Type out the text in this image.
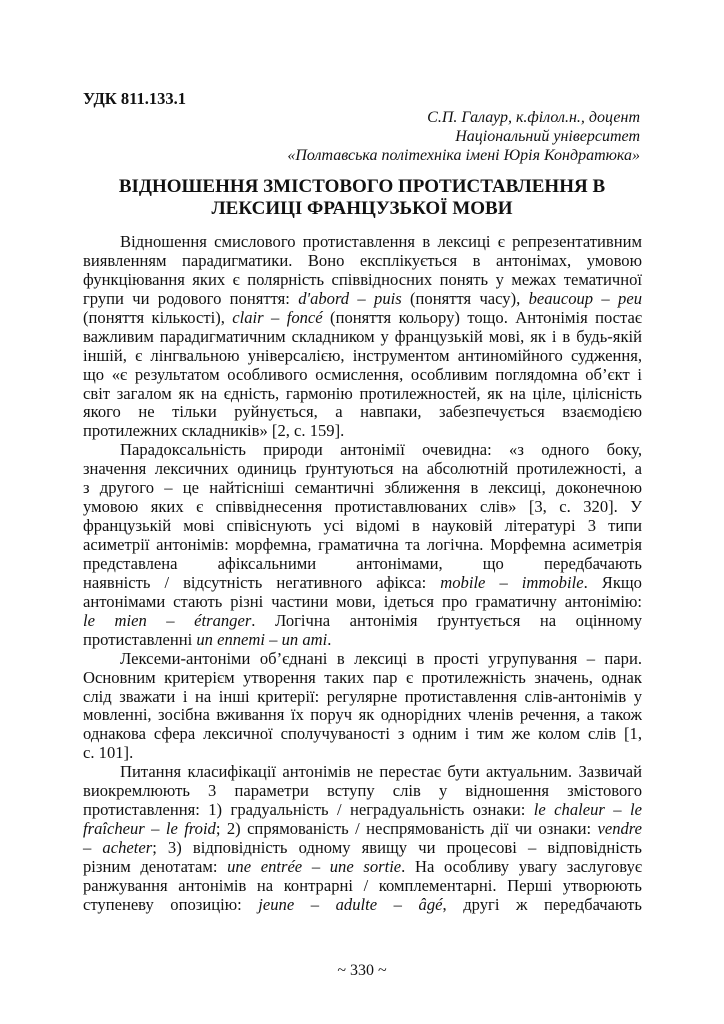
УДК 811.133.1
С.П. Галаур, к.філол.н., доцент
Національний університет
«Полтавська політехніка імені Юрія Кондратюка»
ВІДНОШЕННЯ ЗМІСТОВОГО ПРОТИСТАВЛЕННЯ В
ЛЕКСИЦІ ФРАНЦУЗЬКОЇ МОВИ
Відношення смислового протиставлення в лексиці є репрезентативним
виявленням парадигматики. Воно експлікується в антонімах, умовою
функціювання яких є полярність співвідносних понять у межах тематичної
групи чи родового поняття: d'abord – puis (поняття часу), beaucoup – peu
(поняття кількості), clair – foncé (поняття кольору) тощо. Антонімія постає
важливим парадигматичним складником у французькій мові, як і в будь-якій
іншій, є лінгвальною універсалією, інструментом антиномійного судження,
що «є результатом особливого осмислення, особливим поглядомна об’єкт і
світ загалом як на єдність, гармонію протилежностей, як на ціле, цілісність
якого не тільки руйнується, а навпаки, забезпечується взаємодією
протилежних складників» [2, с. 159].
Парадоксальність природи антонімії очевидна: «з одного боку,
значення лексичних одиниць ґрунтуються на абсолютній протилежності, а
з другого – це найтісніші семантичні зближення в лексиці, доконечною
умовою яких є співвіднесення протиставлюваних слів» [3, с. 320]. У
французькій мові співіснують усі відомі в науковій літературі 3 типи
асиметрії антонімів: морфемна, граматична та логічна. Морфемна асиметрія
представлена афіксальними антонімами, що передбачають
наявність / відсутність негативного афікса: mobile – immobile. Якщо
антонімами стають різні частини мови, ідеться про граматичну антонімію:
le mien – étranger. Логічна антонімія ґрунтується на оцінному
протиставленні un ennemi – un ami.
Лексеми-антоніми об’єднані в лексиці в прості угрупування – пари.
Основним критерієм утворення таких пар є протилежність значень, однак
слід зважати і на інші критерії: регулярне протиставлення слів-антонімів у
мовленні, зосібна вживання їх поруч як однорідних членів речення, а також
однакова сфера лексичної сполучуваності з одним і тим же колом слів [1,
с. 101].
Питання класифікації антонімів не перестає бути актуальним. Зазвичай
виокремлюють 3 параметри вступу слів у відношення змістового
протиставлення: 1) градуальність / неградуальність ознаки: le chaleur – le
fraîcheur – le froid; 2) спрямованість / неспрямованість дії чи ознаки: vendre
– acheter; 3) відповідність одному явищу чи процесові – відповідність
різним денотатам: une entrée – une sortie. На особливу увагу заслуговує
ранжування антонімів на контрарні / комплементарні. Перші утворюють
ступеневу опозицію: jeune – adulte – âgé, другі ж передбачають
~ 330 ~
